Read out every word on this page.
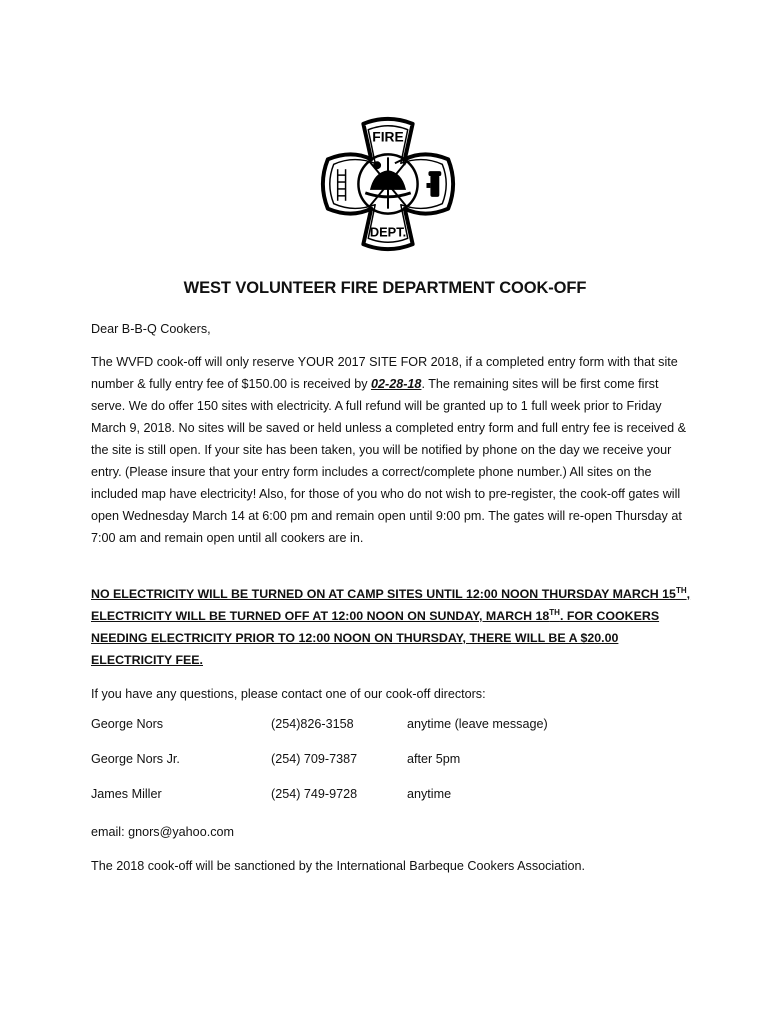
FIRE
DEPT.
WEST VOLUNTEER FIRE DEPARTMENT COOK-OFF
Dear B-B-Q Cookers,
The WVFD cook-off will only reserve YOUR 2017 SITE FOR 2018, if a completed entry form with that site number & fully entry fee of $150.00 is received by 02-28-18. The remaining sites will be first come first serve. We do offer 150 sites with electricity. A full refund will be granted up to 1 full week prior to Friday March 9, 2018. No sites will be saved or held unless a completed entry form and full entry fee is received & the site is still open. If your site has been taken, you will be notified by phone on the day we receive your entry. (Please insure that your entry form includes a correct/complete phone number.) All sites on the included map have electricity! Also, for those of you who do not wish to pre-register, the cook-off gates will open Wednesday March 14 at 6:00 pm and remain open until 9:00 pm. The gates will re-open Thursday at 7:00 am and remain open until all cookers are in.
NO ELECTRICITY WILL BE TURNED ON AT CAMP SITES UNTIL 12:00 NOON THURSDAY MARCH 15TH, ELECTRICITY WILL BE TURNED OFF AT 12:00 NOON ON SUNDAY, MARCH 18TH. FOR COOKERS NEEDING ELECTRICITY PRIOR TO 12:00 NOON ON THURSDAY, THERE WILL BE A $20.00 ELECTRICITY FEE.
If you have any questions, please contact one of our cook-off directors:
George Nors	(254)826-3158	anytime (leave message)
George Nors Jr.	(254) 709-7387	after 5pm
James Miller	(254) 749-9728	anytime
email: gnors@yahoo.com
The 2018 cook-off will be sanctioned by the International Barbeque Cookers Association.
